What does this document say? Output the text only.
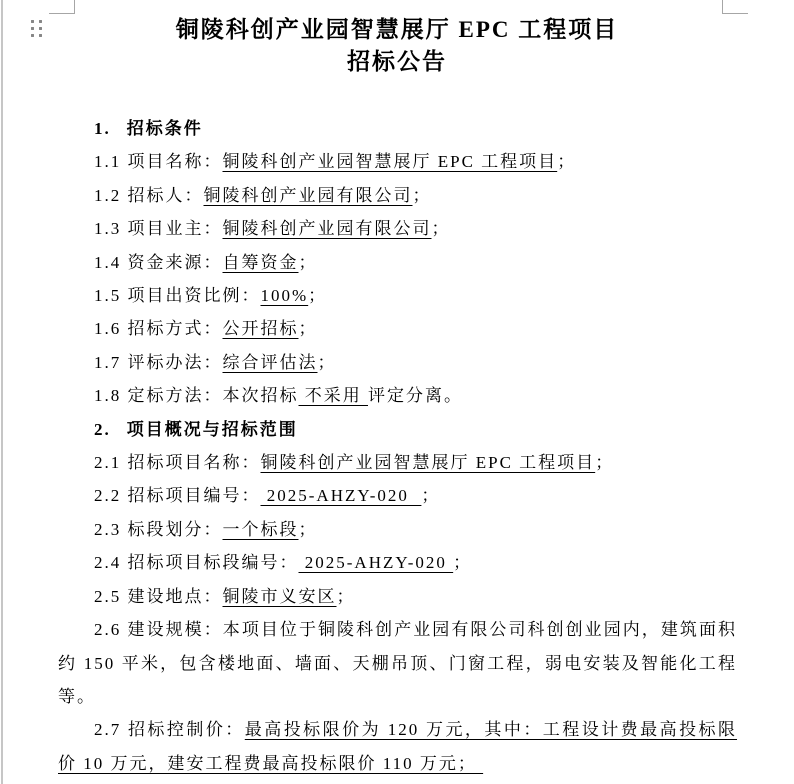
铜陵科创产业园智慧展厅 EPC 工程项目
招标公告

1. 招标条件

1.1 项目名称：铜陵科创产业园智慧展厅 EPC 工程项目；

1.2 招标人：铜陵科创产业园有限公司；

1.3 项目业主：铜陵科创产业园有限公司；

1.4 资金来源：自筹资金；

1.5 项目出资比例：100%；

1.6 招标方式：公开招标；

1.7 评标办法：综合评估法；

1.8 定标方法：本次招标 不采用 评定分离。

2. 项目概况与招标范围

2.1 招标项目名称：铜陵科创产业园智慧展厅 EPC 工程项目；

2.2 招标项目编号： 2025-AHZY-020  ；

2.3 标段划分：一个标段；

2.4 招标项目标段编号： 2025-AHZY-020 ；

2.5 建设地点：铜陵市义安区；

2.6 建设规模：本项目位于铜陵科创产业园有限公司科创创业园内，建筑面积约 150 平米，包含楼地面、墙面、天棚吊顶、门窗工程，弱电安装及智能化工程等。

2.7 招标控制价：最高投标限价为 120 万元，其中：工程设计费最高投标限价 10 万元，建安工程费最高投标限价 110 万元；
